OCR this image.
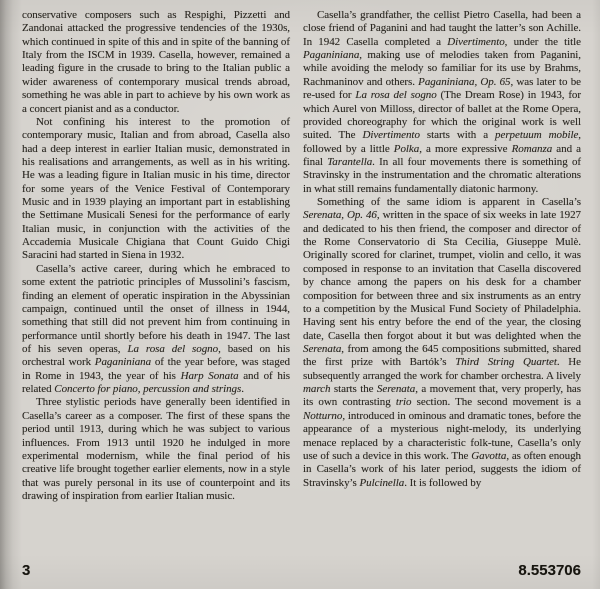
conservative composers such as Respighi, Pizzetti and Zandonai attacked the progressive tendencies of the 1930s, which continued in spite of this and in spite of the banning of Italy from the ISCM in 1939. Casella, however, remained a leading figure in the crusade to bring to the Italian public a wider awareness of contemporary musical trends abroad, something he was able in part to achieve by his own work as a concert pianist and as a conductor.

Not confining his interest to the promotion of contemporary music, Italian and from abroad, Casella also had a deep interest in earlier Italian music, demonstrated in his realisations and arrangements, as well as in his writing. He was a leading figure in Italian music in his time, director for some years of the Venice Festival of Contemporary Music and in 1939 playing an important part in establishing the Settimane Musicali Senesi for the performance of early Italian music, in conjunction with the activities of the Accademia Musicale Chigiana that Count Guido Chigi Saracini had started in Siena in 1932.

Casella’s active career, during which he embraced to some extent the patriotic principles of Mussolini’s fascism, finding an element of operatic inspiration in the Abyssinian campaign, continued until the onset of illness in 1944, something that still did not prevent him from continuing in performance until shortly before his death in 1947. The last of his seven operas, La rosa del sogno, based on his orchestral work Paganiniana of the year before, was staged in Rome in 1943, the year of his Harp Sonata and of his related Concerto for piano, percussion and strings.

Three stylistic periods have generally been identified in Casella’s career as a composer. The first of these spans the period until 1913, during which he was subject to various influences. From 1913 until 1920 he indulged in more experimental modernism, while the final period of his creative life brought together earlier elements, now in a style that was purely personal in its use of counterpoint and its drawing of inspiration from earlier Italian music.

Casella’s grandfather, the cellist Pietro Casella, had been a close friend of Paganini and had taught the latter’s son Achille. In 1942 Casella completed a Divertimento, under the title Paganiniana, making use of melodies taken from Paganini, while avoiding the melody so familiar for its use by Brahms, Rachmaninov and others. Paganiniana, Op. 65, was later to be re-used for La rosa del sogno (The Dream Rose) in 1943, for which Aurel von Milloss, director of ballet at the Rome Opera, provided choreography for which the original work is well suited. The Divertimento starts with a perpetuum mobile, followed by a little Polka, a more expressive Romanza and a final Tarantella. In all four movements there is something of Stravinsky in the instrumentation and the chromatic alterations in what still remains fundamentally diatonic harmony.

Something of the same idiom is apparent in Casella’s Serenata, Op. 46, written in the space of six weeks in late 1927 and dedicated to his then friend, the composer and director of the Rome Conservatorio di Sta Cecilia, Giuseppe Mulè. Originally scored for clarinet, trumpet, violin and cello, it was composed in response to an invitation that Casella discovered by chance among the papers on his desk for a chamber composition for between three and six instruments as an entry to a competition by the Musical Fund Society of Philadelphia. Having sent his entry before the end of the year, the closing date, Casella then forgot about it but was delighted when the Serenata, from among the 645 compositions submitted, shared the first prize with Bartók’s Third String Quartet. He subsequently arranged the work for chamber orchestra. A lively march starts the Serenata, a movement that, very properly, has its own contrasting trio section. The second movement is a Notturno, introduced in ominous and dramatic tones, before the appearance of a mysterious night-melody, its underlying menace replaced by a characteristic folk-tune, Casella’s only use of such a device in this work. The Gavotta, as often enough in Casella’s work of his later period, suggests the idiom of Stravinsky’s Pulcinella. It is followed by

3	8.553706
